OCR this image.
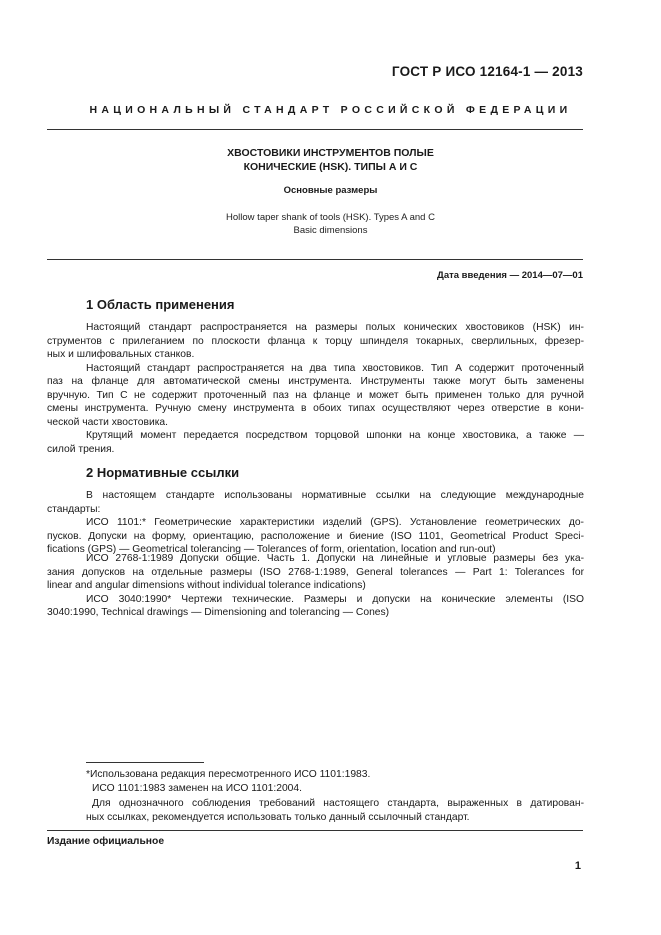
ГОСТ Р ИСО 12164-1 — 2013
НАЦИОНАЛЬНЫЙ СТАНДАРТ РОССИЙСКОЙ ФЕДЕРАЦИИ
ХВОСТОВИКИ ИНСТРУМЕНТОВ ПОЛЫЕ
КОНИЧЕСКИЕ (HSK). ТИПЫ А И С
Основные размеры
Hollow taper shank of tools (HSK). Types A and C
Basic dimensions
Дата введения — 2014—07—01
1 Область применения
Настоящий стандарт распространяется на размеры полых конических хвостовиков (HSK) ин-
струментов с прилеганием по плоскости фланца к торцу шпинделя токарных, сверлильных, фрезер-
ных и шлифовальных станков.
Настоящий стандарт распространяется на два типа хвостовиков. Тип А содержит проточенный
паз на фланце для автоматической смены инструмента. Инструменты также могут быть заменены
вручную. Тип С не содержит проточенный паз на фланце и может быть применен только для ручной
смены инструмента. Ручную смену инструмента в обоих типах осуществляют через отверстие в кони-
ческой части хвостовика.
Крутящий момент передается посредством торцовой шпонки на конце хвостовика, а также —
силой трения.
2 Нормативные ссылки
В настоящем стандарте использованы нормативные ссылки на следующие международные
стандарты:
ИСО 1101:* Геометрические характеристики изделий (GPS). Установление геометрических до-
пусков. Допуски на форму, ориентацию, расположение и биение (ISO 1101, Geometrical Product Speci-
fications (GPS) — Geometrical tolerancing — Tolerances of form, orientation, location and run-out)
ИСО 2768-1:1989 Допуски общие. Часть 1. Допуски на линейные и угловые размеры без ука-
зания допусков на отдельные размеры (ISO 2768-1:1989, General tolerances — Part 1: Tolerances for
linear and angular dimensions without individual tolerance indications)
ИСО 3040:1990* Чертежи технические. Размеры и допуски на конические элементы (ISO
3040:1990, Technical drawings — Dimensioning and tolerancing — Cones)
*Использована редакция пересмотренного ИСО 1101:1983.
ИСО 1101:1983 заменен на ИСО 1101:2004.
Для однозначного соблюдения требований настоящего стандарта, выраженных в датирован-
ных ссылках, рекомендуется использовать только данный ссылочный стандарт.
Издание официальное
1
